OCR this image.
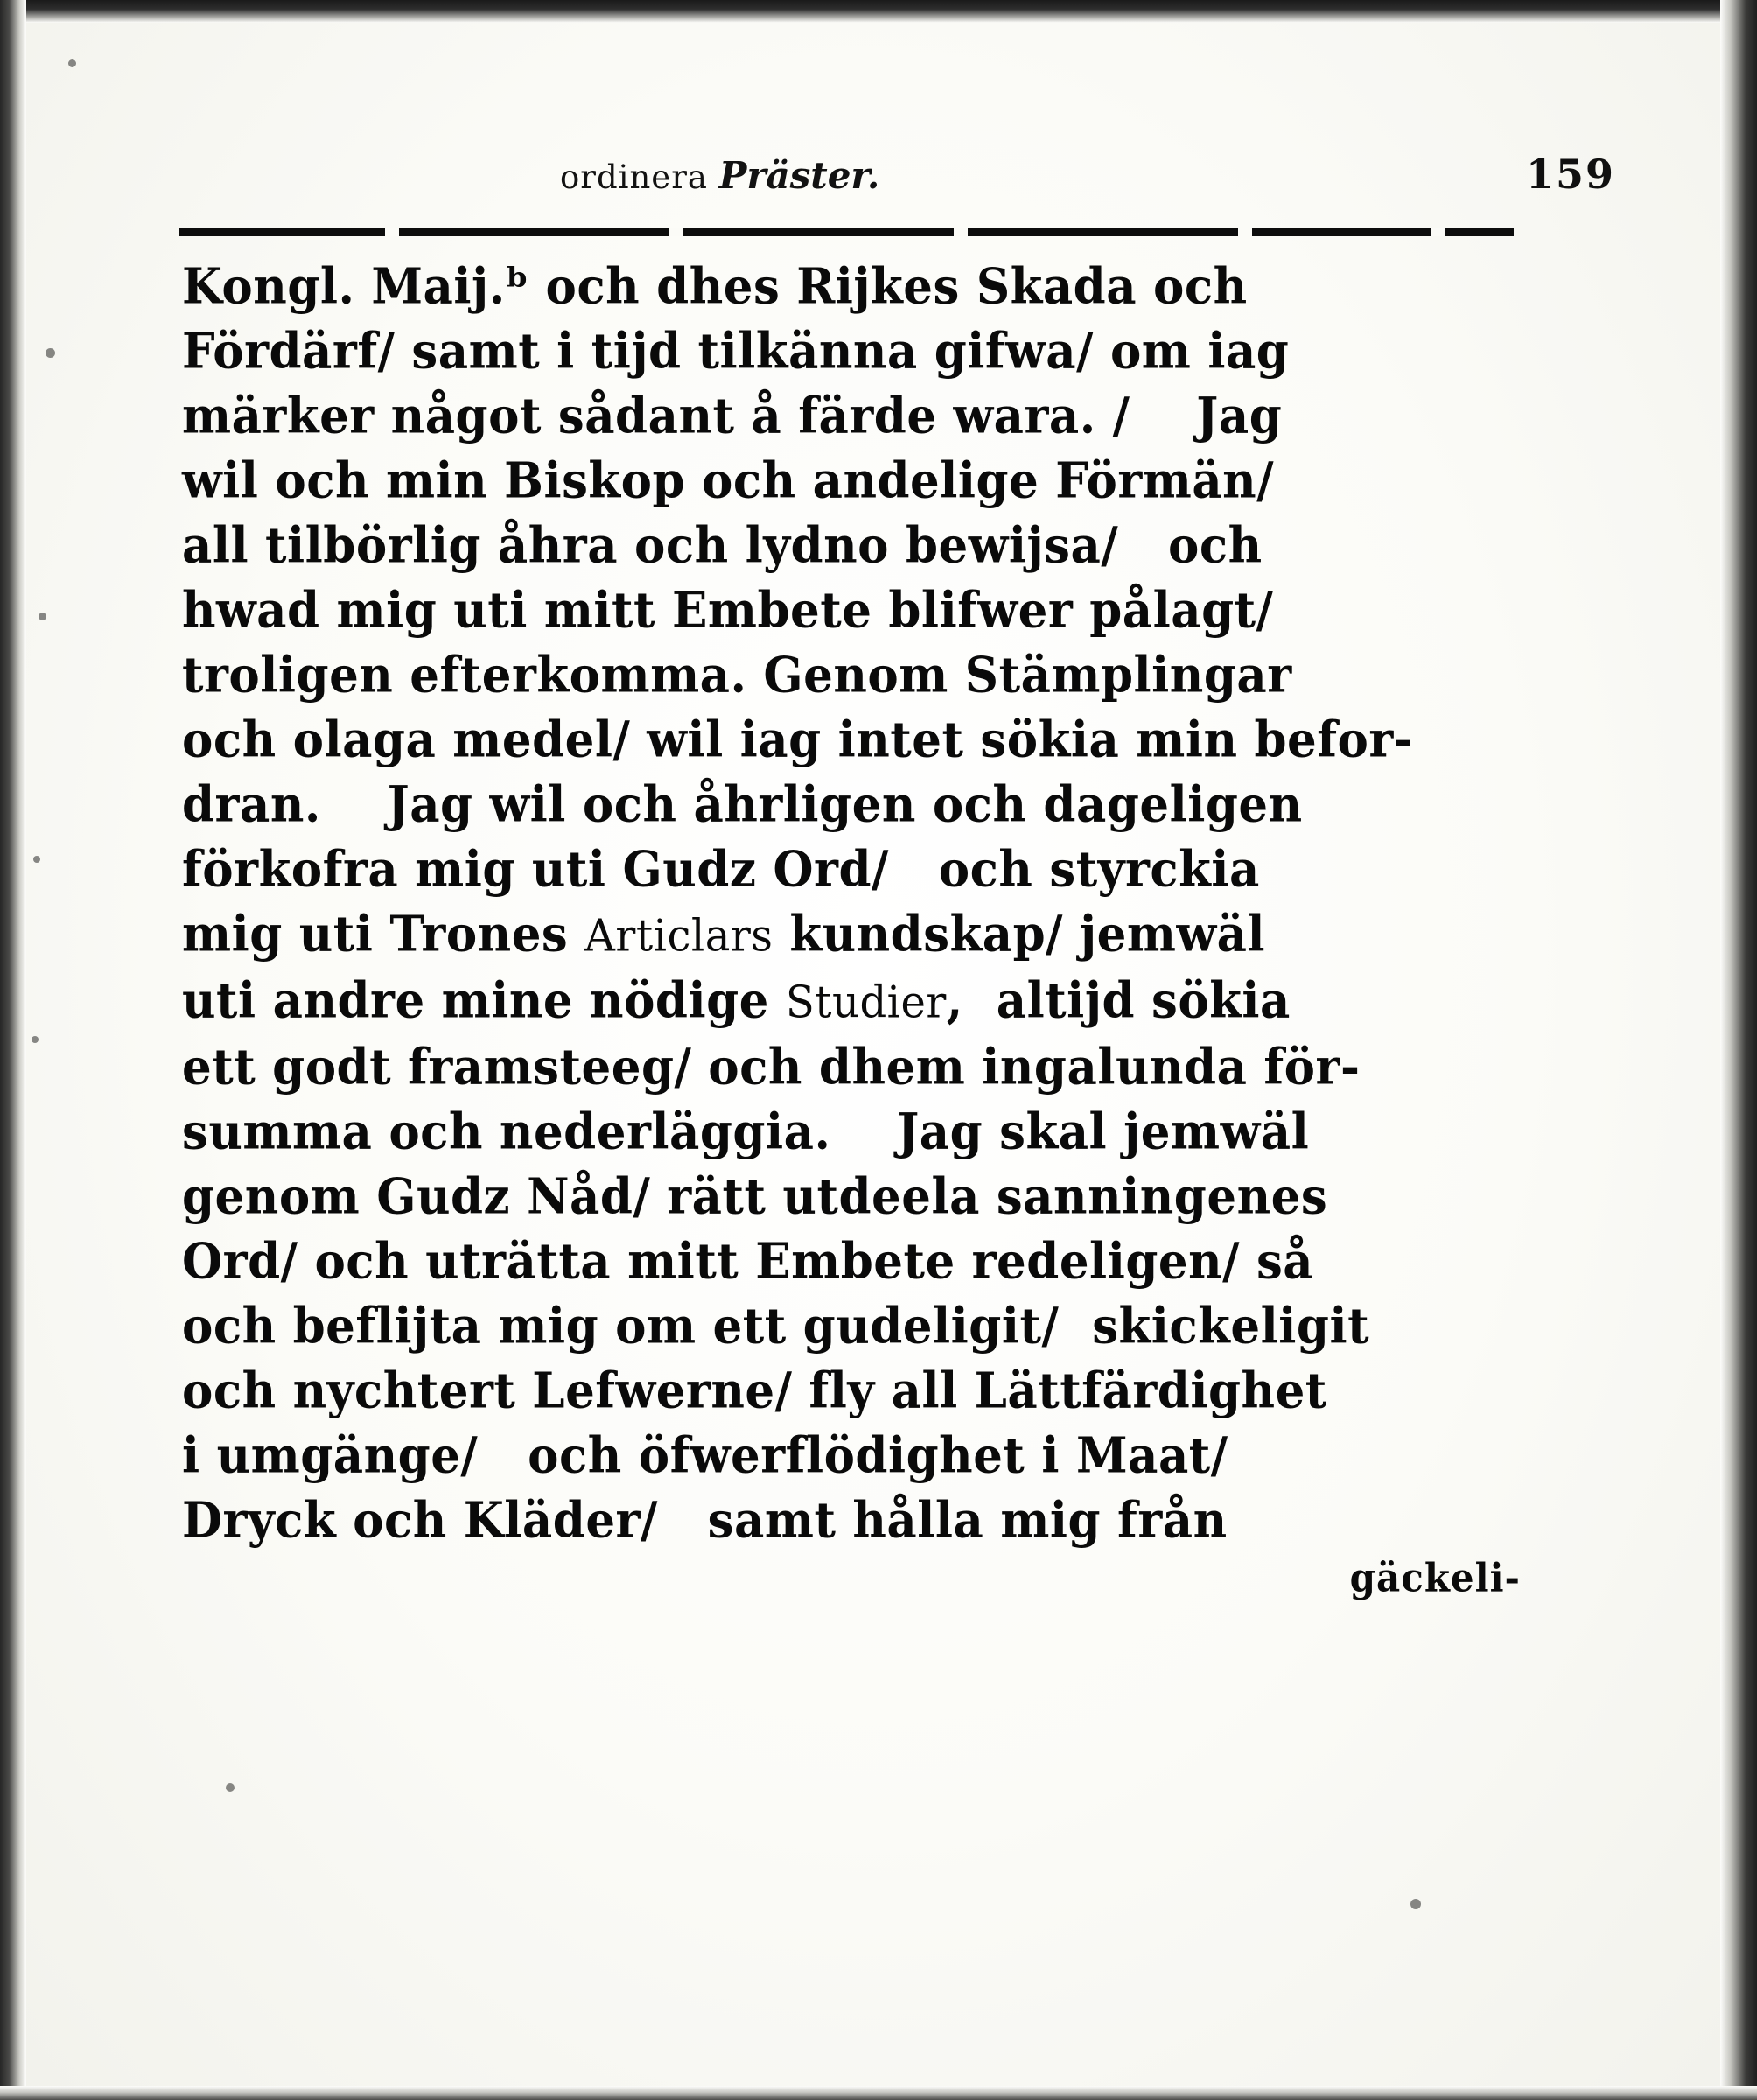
ordinera Präster.	159
Kongl. Maij.ᵇ och dhes Rijkes Skada och
Fördärf/ samt i tijd tilkänna gifwa/ om iag
märker något sådant å färde wara. /    Jag
wil och min Biskop och andelige Förmän/
all tilbörlig åhra och lydno bewijsa/   och
hwad mig uti mitt Embete blifwer pålagt/
troligen efterkomma. Genom Stämplingar
och olaga medel/ wil iag intet sökia min befor-
dran.    Jag wil och åhrligen och dageligen
förkofra mig uti Gudz Ord/   och styrckia
mig uti Trones Articlars kundskap/ jemwäl
uti andre mine nödige Studier,  altijd sökia
ett godt framsteeg/ och dhem ingalunda för-
summa och nederläggia.    Jag skal jemwäl
genom Gudz Nåd/ rätt utdeela sanningenes
Ord/ och uträtta mitt Embete redeligen/ så
och beflijta mig om ett gudeligit/  skickeligit
och nychtert Lefwerne/ fly all Lättfärdighet
i umgänge/   och öfwerflödighet i Maat/
Dryck och Kläder/   samt hålla mig från
gäckeli-
